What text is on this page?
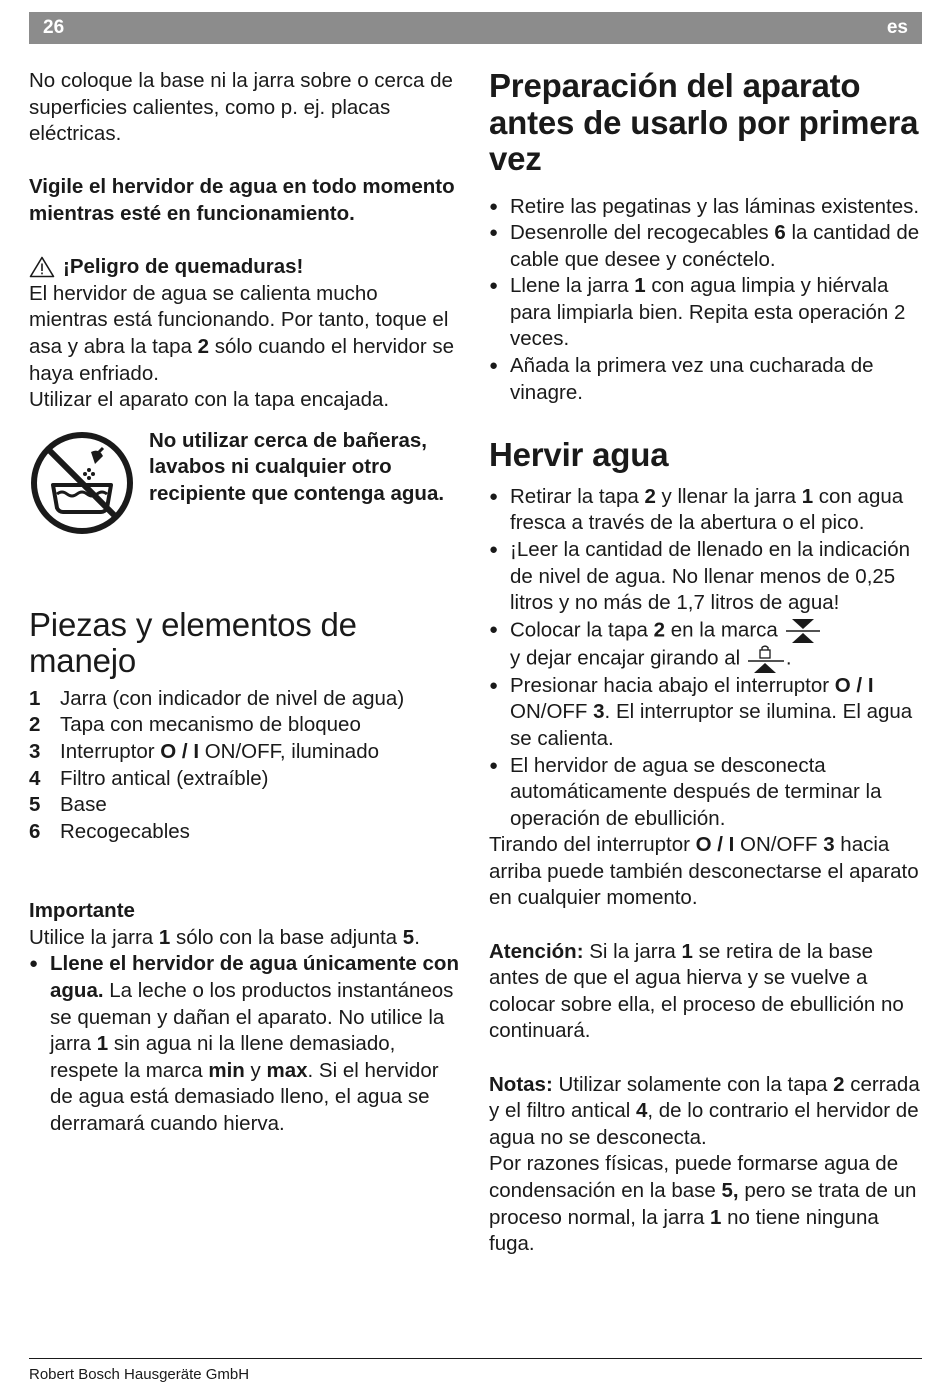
26	es

No coloque la base ni la jarra sobre o cerca de superficies calientes, como p. ej. placas eléctricas.

Vigile el hervidor de agua en todo momento mientras esté en funcionamiento.

¡Peligro de quemaduras!

El hervidor de agua se calienta mucho mientras está funcionando. Por tanto, toque el asa y abra la tapa 2 sólo cuando el hervidor se haya enfriado.

Utilizar el aparato con la tapa encajada.

No utilizar cerca de bañeras, lavabos ni cualquier otro recipiente que contenga agua.
Piezas y elementos de manejo
1 Jarra (con indicador de nivel de agua)
2 Tapa con mecanismo de bloqueo
3 Interruptor O / I ON/OFF, iluminado
4 Filtro antical (extraíble)
5 Base
6 Recogecables

Importante

Utilice la jarra 1 sólo con la base adjunta 5.

● Llene el hervidor de agua únicamente con agua. La leche o los productos instantáneos se queman y dañan el aparato. No utilice la jarra 1 sin agua ni la llene demasiado, respete la marca min y max. Si el hervidor de agua está demasiado lleno, el agua se derramará cuando hierva.
Preparación del aparato antes de usarlo por primera vez
● Retire las pegatinas y las láminas existentes.
● Desenrolle del recogecables 6 la cantidad de cable que desee y conéctelo.
● Llene la jarra 1 con agua limpia y hiérvala para limpiarla bien. Repita esta operación 2 veces.
● Añada la primera vez una cucharada de vinagre.
Hervir agua
● Retirar la tapa 2 y llenar la jarra 1 con agua fresca a través de la abertura o el pico.
● ¡Leer la cantidad de llenado en la indicación de nivel de agua. No llenar menos de 0,25 litros y no más de 1,7 litros de agua!
● Colocar la tapa 2 en la marca
y dejar encajar girando al .
● Presionar hacia abajo el interruptor O / I ON/OFF 3. El interruptor se ilumina. El agua se calienta.
● El hervidor de agua se desconecta automáticamente después de terminar la operación de ebullición.

Tirando del interruptor O / I ON/OFF 3 hacia arriba puede también desconectarse el aparato en cualquier momento.

Atención: Si la jarra 1 se retira de la base antes de que el agua hierva y se vuelve a colocar sobre ella, el proceso de ebullición no continuará.

Notas: Utilizar solamente con la tapa 2 cerrada y el filtro antical 4, de lo contrario el hervidor de agua no se desconecta.

Por razones físicas, puede formarse agua de condensación en la base 5, pero se trata de un proceso normal, la jarra 1 no tiene ninguna fuga.

Robert Bosch Hausgeräte GmbH
